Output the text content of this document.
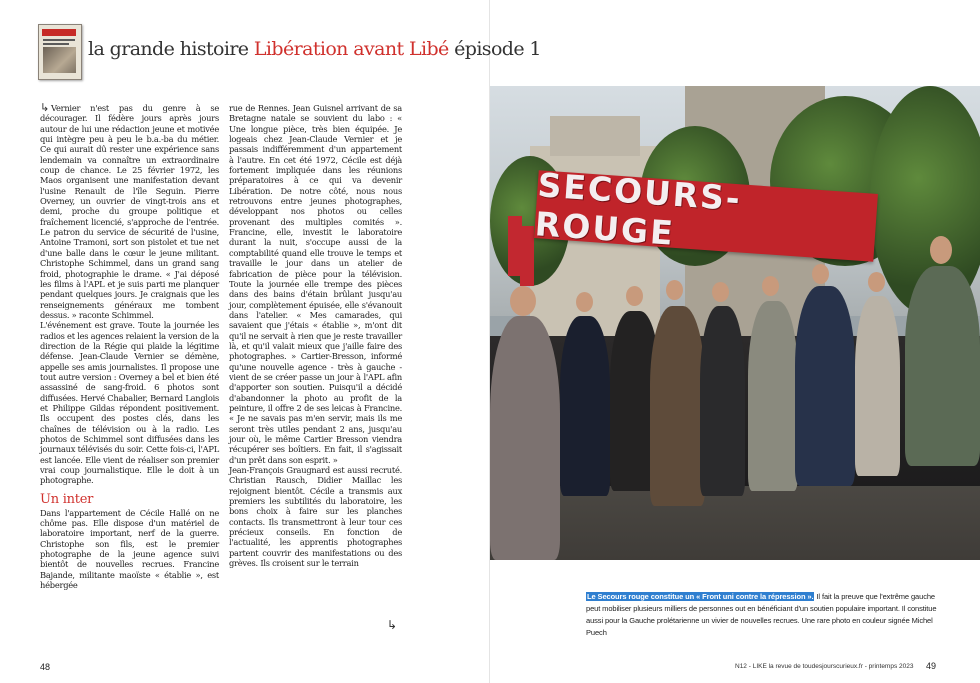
la grande histoire Libération avant Libé épisode 1

↳ Vernier n'est pas du genre à se décourager. Il fédère jours après jours autour de lui une rédaction jeune et motivée qui intègre peu à peu le b.a.-ba du métier. Ce qui aurait dû rester une expérience sans lendemain va connaître un extraordinaire coup de chance. Le 25 février 1972, les Maos organisent une manifestation devant l'usine Renault de l'île Seguin. Pierre Overney, un ouvrier de vingt-trois ans et demi, proche du groupe politique et fraîchement licencié, s'approche de l'entrée. Le patron du service de sécurité de l'usine, Antoine Tramoni, sort son pistolet et tue net d'une balle dans le cœur le jeune militant. Christophe Schimmel, dans un grand sang froid, photographie le drame. « J'ai déposé les films à l'APL et je suis parti me planquer pendant quelques jours. Je craignais que les renseignements généraux me tombent dessus. » raconte Schimmel.

L'événement est grave. Toute la journée les radios et les agences relaient la version de la direction de la Régie qui plaide la légitime défense. Jean-Claude Vernier se démène, appelle ses amis journalistes. Il propose une tout autre version : Overney a bel et bien été assassiné de sang-froid. 6 photos sont diffusées. Hervé Chabalier, Bernard Langlois et Philippe Gildas répondent positivement. Ils occupent des postes clés, dans les chaînes de télévision ou à la radio. Les photos de Schimmel sont diffusées dans les journaux télévisés du soir. Cette fois-ci, l'APL est lancée. Elle vient de réaliser son premier vrai coup journalistique. Elle le doit à un photographe.

Un inter

Dans l'appartement de Cécile Hallé on ne chôme pas. Elle dispose d'un matériel de laboratoire important, nerf de la guerre. Christophe son fils, est le premier photographe de la jeune agence suivi bientôt de nouvelles recrues. Francine Bajande, militante maoïste « établie », est hébergée

rue de Rennes. Jean Guisnel arrivant de sa Bretagne natale se souvient du labo : « Une longue pièce, très bien équipée. Je logeais chez Jean-Claude Vernier et je passais indifféremment d'un appartement à l'autre. En cet été 1972, Cécile est déjà fortement impliquée dans les réunions préparatoires à ce qui va devenir Libération. De notre côté, nous nous retrouvons entre jeunes photographes, développant nos photos ou celles provenant des multiples comités ». Francine, elle, investit le laboratoire durant la nuit, s'occupe aussi de la comptabilité quand elle trouve le temps et travaille le jour dans un atelier de fabrication de pièce pour la télévision. Toute la journée elle trempe des pièces dans des bains d'étain brûlant jusqu'au jour, complètement épuisée, elle s'évanouit dans l'atelier. « Mes camarades, qui savaient que j'étais « établie », m'ont dit qu'il ne servait à rien que je reste travailler là, et qu'il valait mieux que j'aille faire des photographes. » Cartier-Bresson, informé qu'une nouvelle agence - très à gauche - vient de se créer passe un jour à l'APL afin d'apporter son soutien. Puisqu'il a décidé d'abandonner la photo au profit de la peinture, il offre 2 de ses leicas à Francine. « Je ne savais pas m'en servir, mais ils me seront très utiles pendant 2 ans, jusqu'au jour où, le même Cartier Bresson viendra récupérer ses boîtiers. En fait, il s'agissait d'un prêt dans son esprit. »

Jean-François Graugnard est aussi recruté. Christian Rausch, Didier Maillac les rejoignent bientôt. Cécile a transmis aux premiers les subtilités du laboratoire, les bons choix à faire sur les planches contacts. Ils transmettront à leur tour ces précieux conseils. En fonction de l'actualité, les apprentis photographes partent couvrir des manifestations ou des grèves. Ils croisent sur le terrain

↳
SECOURS-ROUGE
Le Secours rouge constitue un « Front uni contre la répression ». Il fait la preuve que l'extrême gauche peut mobiliser plusieurs milliers de personnes out en bénéficiant d'un soutien populaire important. Il constitue aussi pour la Gauche prolétarienne un vivier de nouvelles recrues. Une rare photo en couleur signée Michel Puech
48	N12 - LIKE la revue de toudesjourscurieux.fr - printemps 2023 49
